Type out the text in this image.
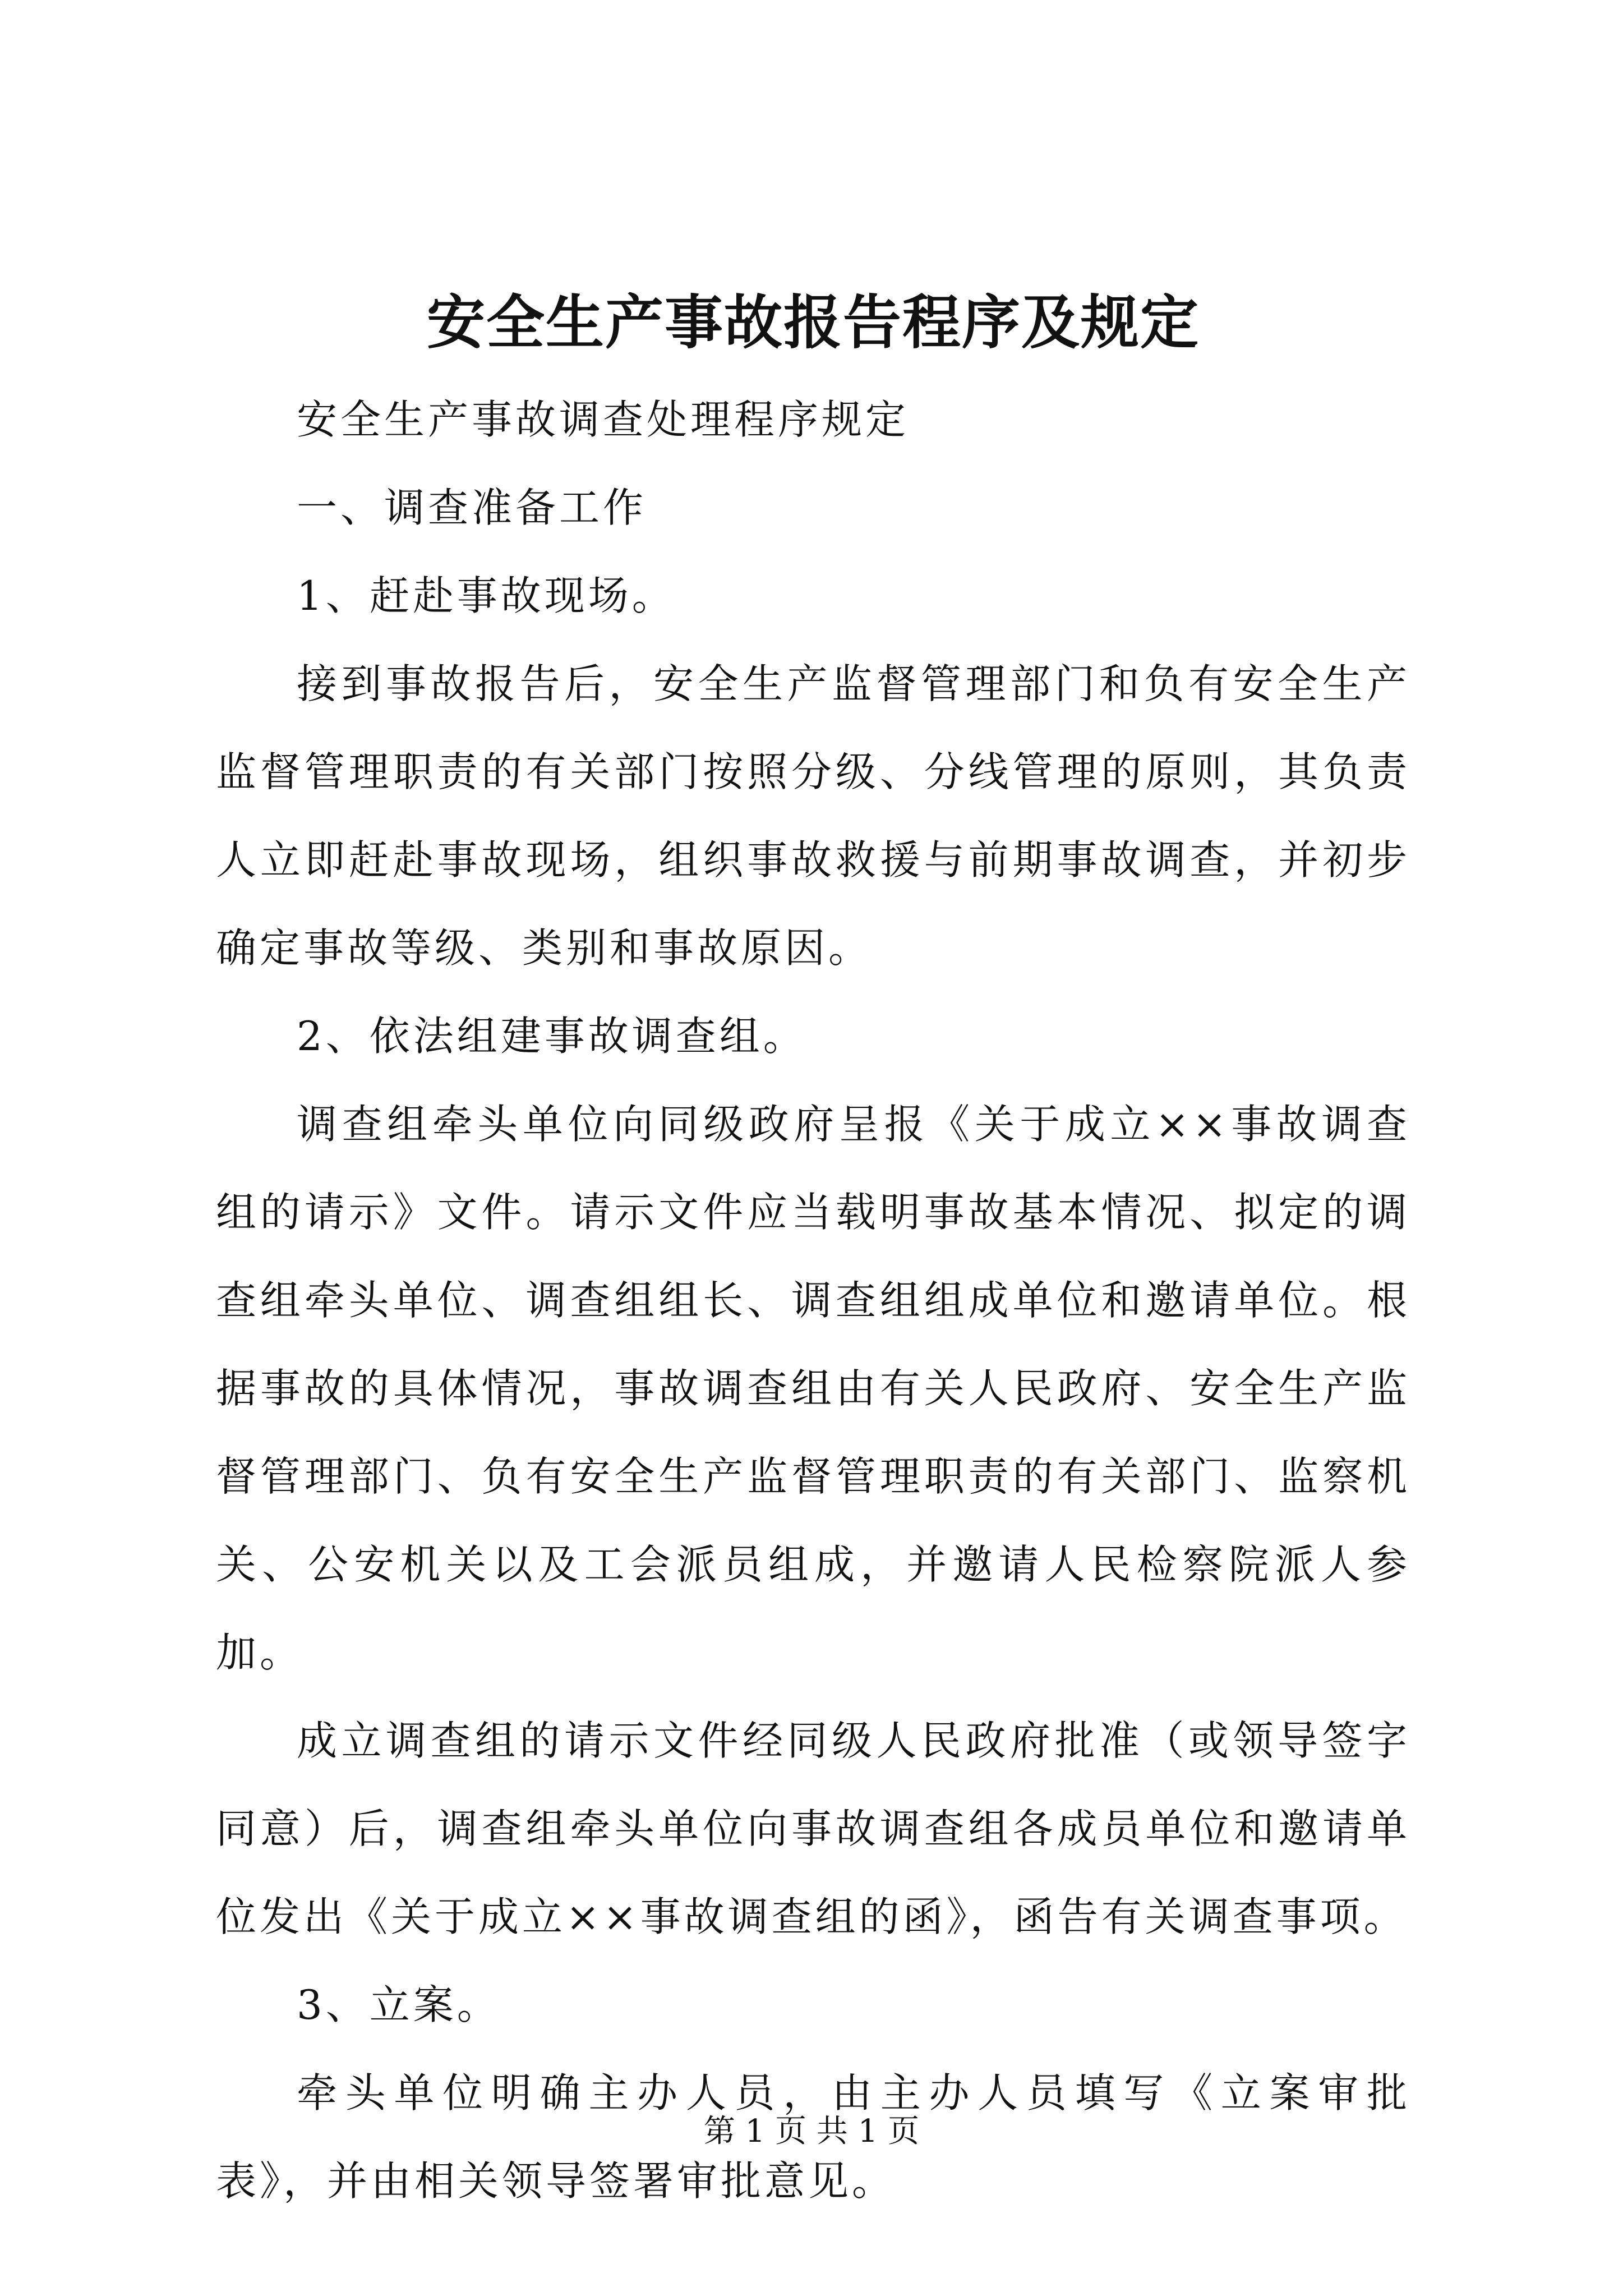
安全生产事故报告程序及规定

安全生产事故调查处理程序规定

一、调查准备工作

1、赶赴事故现场。

接到事故报告后，安全生产监督管理部门和负有安全生产监督管理职责的有关部门按照分级、分线管理的原则，其负责人立即赶赴事故现场，组织事故救援与前期事故调查，并初步确定事故等级、类别和事故原因。

2、依法组建事故调查组。

调查组牵头单位向同级政府呈报《关于成立××事故调查组的请示》文件。请示文件应当载明事故基本情况、拟定的调查组牵头单位、调查组组长、调查组组成单位和邀请单位。根据事故的具体情况，事故调查组由有关人民政府、安全生产监督管理部门、负有安全生产监督管理职责的有关部门、监察机关、公安机关以及工会派员组成，并邀请人民检察院派人参加。

成立调查组的请示文件经同级人民政府批准（或领导签字同意）后，调查组牵头单位向事故调查组各成员单位和邀请单位发出《关于成立××事故调查组的函》，函告有关调查事项。

3、立案。

牵头单位明确主办人员，由主办人员填写《立案审批表》，并由相关领导签署审批意见。

第 1 页 共 1 页
